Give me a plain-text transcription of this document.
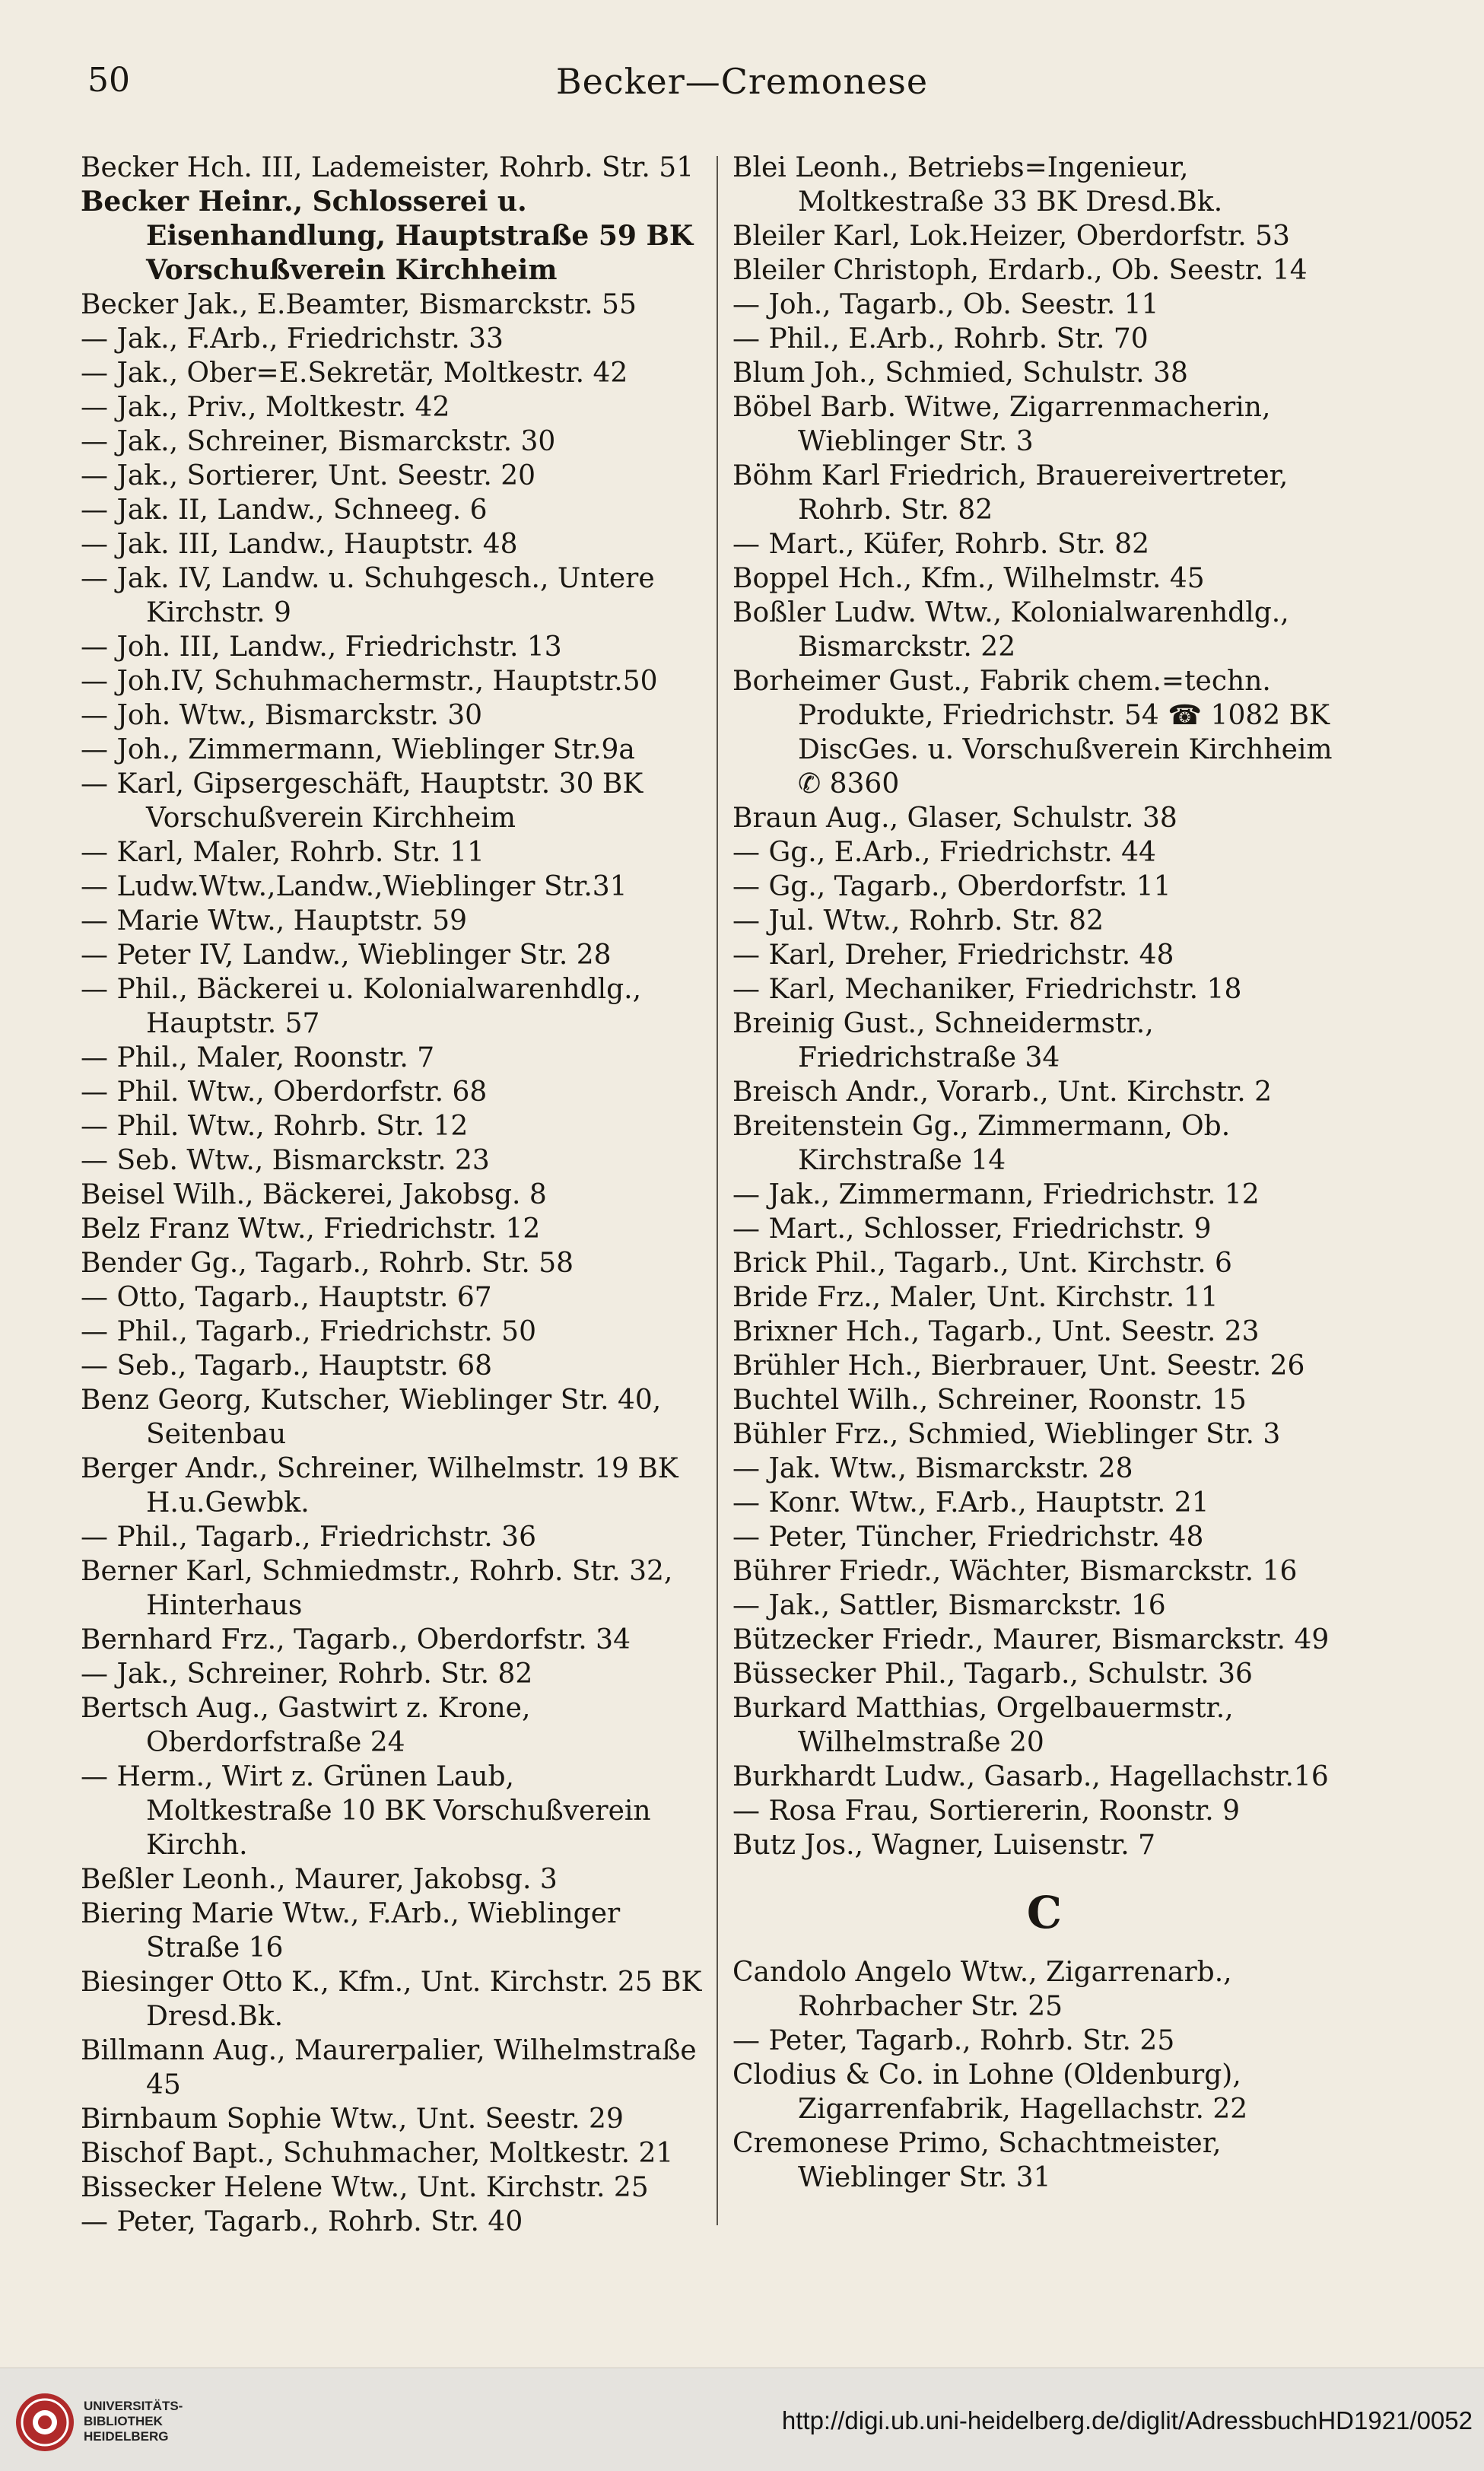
50	Becker—Cremonese
Becker Hch. III, Lademeister, Rohrb. Str. 51
Becker Heinr., Schlosserei u. Eisenhandlung, Hauptstraße 59 BK Vorschußverein Kirchheim
Becker Jak., E.Beamter, Bismarckstr. 55
— Jak., F.Arb., Friedrichstr. 33
— Jak., Ober=E.Sekretär, Moltkestr. 42
— Jak., Priv., Moltkestr. 42
— Jak., Schreiner, Bismarckstr. 30
— Jak., Sortierer, Unt. Seestr. 20
— Jak. II, Landw., Schneeg. 6
— Jak. III, Landw., Hauptstr. 48
— Jak. IV, Landw. u. Schuhgesch., Untere Kirchstr. 9
— Joh. III, Landw., Friedrichstr. 13
— Joh.IV, Schuhmachermstr., Hauptstr.50
— Joh. Wtw., Bismarckstr. 30
— Joh., Zimmermann, Wieblinger Str.9a
— Karl, Gipsergeschäft, Hauptstr. 30 BK Vorschußverein Kirchheim
— Karl, Maler, Rohrb. Str. 11
— Ludw.Wtw.,Landw.,Wieblinger Str.31
— Marie Wtw., Hauptstr. 59
— Peter IV, Landw., Wieblinger Str. 28
— Phil., Bäckerei u. Kolonialwarenhdlg., Hauptstr. 57
— Phil., Maler, Roonstr. 7
— Phil. Wtw., Oberdorfstr. 68
— Phil. Wtw., Rohrb. Str. 12
— Seb. Wtw., Bismarckstr. 23
Beisel Wilh., Bäckerei, Jakobsg. 8
Belz Franz Wtw., Friedrichstr. 12
Bender Gg., Tagarb., Rohrb. Str. 58
— Otto, Tagarb., Hauptstr. 67
— Phil., Tagarb., Friedrichstr. 50
— Seb., Tagarb., Hauptstr. 68
Benz Georg, Kutscher, Wieblinger Str. 40, Seitenbau
Berger Andr., Schreiner, Wilhelmstr. 19 BK H.u.Gewbk.
— Phil., Tagarb., Friedrichstr. 36
Berner Karl, Schmiedmstr., Rohrb. Str. 32, Hinterhaus
Bernhard Frz., Tagarb., Oberdorfstr. 34
— Jak., Schreiner, Rohrb. Str. 82
Bertsch Aug., Gastwirt z. Krone, Oberdorfstraße 24
— Herm., Wirt z. Grünen Laub, Moltkestraße 10 BK Vorschußverein Kirchh.
Beßler Leonh., Maurer, Jakobsg. 3
Biering Marie Wtw., F.Arb., Wieblinger Straße 16
Biesinger Otto K., Kfm., Unt. Kirchstr. 25 BK Dresd.Bk.
Billmann Aug., Maurerpalier, Wilhelmstraße 45
Birnbaum Sophie Wtw., Unt. Seestr. 29
Bischof Bapt., Schuhmacher, Moltkestr. 21
Bissecker Helene Wtw., Unt. Kirchstr. 25
— Peter, Tagarb., Rohrb. Str. 40
Blei Leonh., Betriebs=Ingenieur, Moltkestraße 33 BK Dresd.Bk.
Bleiler Karl, Lok.Heizer, Oberdorfstr. 53
Bleiler Christoph, Erdarb., Ob. Seestr. 14
— Joh., Tagarb., Ob. Seestr. 11
— Phil., E.Arb., Rohrb. Str. 70
Blum Joh., Schmied, Schulstr. 38
Böbel Barb. Witwe, Zigarrenmacherin, Wieblinger Str. 3
Böhm Karl Friedrich, Brauereivertreter, Rohrb. Str. 82
— Mart., Küfer, Rohrb. Str. 82
Boppel Hch., Kfm., Wilhelmstr. 45
Boßler Ludw. Wtw., Kolonialwarenhdlg., Bismarckstr. 22
Borheimer Gust., Fabrik chem.=techn. Produkte, Friedrichstr. 54 ☎ 1082 BK DiscGes. u. Vorschußverein Kirchheim ✆ 8360
Braun Aug., Glaser, Schulstr. 38
— Gg., E.Arb., Friedrichstr. 44
— Gg., Tagarb., Oberdorfstr. 11
— Jul. Wtw., Rohrb. Str. 82
— Karl, Dreher, Friedrichstr. 48
— Karl, Mechaniker, Friedrichstr. 18
Breinig Gust., Schneidermstr., Friedrichstraße 34
Breisch Andr., Vorarb., Unt. Kirchstr. 2
Breitenstein Gg., Zimmermann, Ob. Kirchstraße 14
— Jak., Zimmermann, Friedrichstr. 12
— Mart., Schlosser, Friedrichstr. 9
Brick Phil., Tagarb., Unt. Kirchstr. 6
Bride Frz., Maler, Unt. Kirchstr. 11
Brixner Hch., Tagarb., Unt. Seestr. 23
Brühler Hch., Bierbrauer, Unt. Seestr. 26
Buchtel Wilh., Schreiner, Roonstr. 15
Bühler Frz., Schmied, Wieblinger Str. 3
— Jak. Wtw., Bismarckstr. 28
— Konr. Wtw., F.Arb., Hauptstr. 21
— Peter, Tüncher, Friedrichstr. 48
Bührer Friedr., Wächter, Bismarckstr. 16
— Jak., Sattler, Bismarckstr. 16
Bützecker Friedr., Maurer, Bismarckstr. 49
Büssecker Phil., Tagarb., Schulstr. 36
Burkard Matthias, Orgelbauermstr., Wilhelmstraße 20
Burkhardt Ludw., Gasarb., Hagellachstr.16
— Rosa Frau, Sortiererin, Roonstr. 9
Butz Jos., Wagner, Luisenstr. 7
C
Candolo Angelo Wtw., Zigarrenarb., Rohrbacher Str. 25
— Peter, Tagarb., Rohrb. Str. 25
Clodius & Co. in Lohne (Oldenburg), Zigarrenfabrik, Hagellachstr. 22
Cremonese Primo, Schachtmeister, Wieblinger Str. 31
UNIVERSITÄTS-
BIBLIOTHEK
HEIDELBERG
http://digi.ub.uni-heidelberg.de/diglit/AdressbuchHD1921/0052
